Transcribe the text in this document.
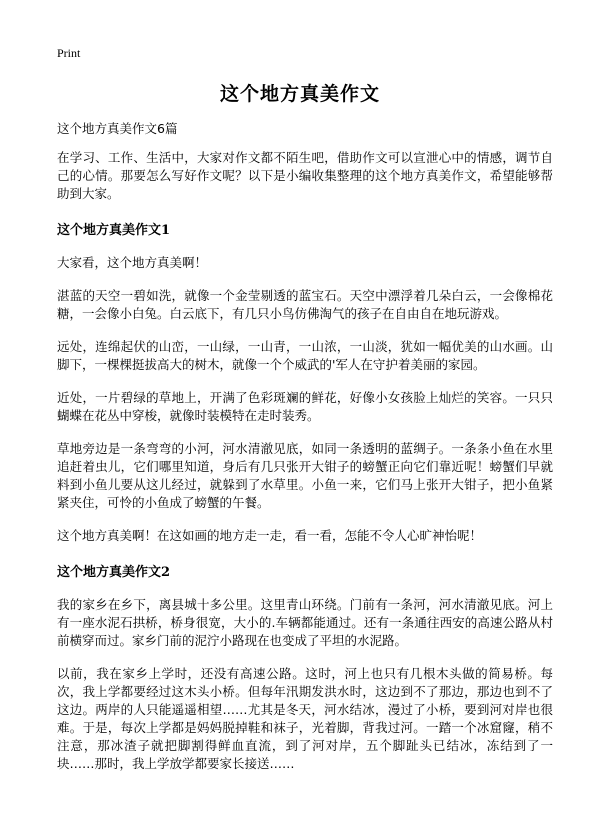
Print
这个地方真美作文
这个地方真美作文6篇

在学习、工作、生活中，大家对作文都不陌生吧，借助作文可以宣泄心中的情感，调节自己的心情。那要怎么写好作文呢？以下是小编收集整理的这个地方真美作文，希望能够帮助到大家。

这个地方真美作文1

大家看，这个地方真美啊！

湛蓝的天空一碧如洗，就像一个金莹剔透的蓝宝石。天空中漂浮着几朵白云，一会像棉花糖，一会像小白兔。白云底下，有几只小鸟仿佛淘气的孩子在自由自在地玩游戏。

远处，连绵起伏的山峦，一山绿，一山青，一山浓，一山淡，犹如一幅优美的山水画。山脚下，一棵棵挺拔高大的树木，就像一个个威武的'军人在守护着美丽的家园。

近处，一片碧绿的草地上，开满了色彩斑斓的鲜花，好像小女孩脸上灿烂的笑容。一只只蝴蝶在花丛中穿梭，就像时装模特在走时装秀。

草地旁边是一条弯弯的小河，河水清澈见底，如同一条透明的蓝绸子。一条条小鱼在水里追赶着虫儿，它们哪里知道，身后有几只张开大钳子的螃蟹正向它们靠近呢！螃蟹们早就料到小鱼儿要从这儿经过，就躲到了水草里。小鱼一来，它们马上张开大钳子，把小鱼紧紧夹住，可怜的小鱼成了螃蟹的午餐。

这个地方真美啊！在这如画的地方走一走，看一看，怎能不令人心旷神怡呢！

这个地方真美作文2

我的家乡在乡下，离县城十多公里。这里青山环绕。门前有一条河，河水清澈见底。河上有一座水泥石拱桥，桥身很宽，大小的.车辆都能通过。还有一条通往西安的高速公路从村前横穿而过。家乡门前的泥泞小路现在也变成了平坦的水泥路。

以前，我在家乡上学时，还没有高速公路。这时，河上也只有几根木头做的简易桥。每次，我上学都要经过这木头小桥。但每年汛期发洪水时，这边到不了那边，那边也到不了这边。两岸的人只能遥遥相望……尤其是冬天，河水结冰，漫过了小桥，要到河对岸也很难。于是，每次上学都是妈妈脱掉鞋和袜子，光着脚，背我过河。一踏一个冰窟窿，稍不注意，那冰渣子就把脚割得鲜血直流，到了河对岸，五个脚趾头已结冰，冻结到了一块……那时，我上学放学都要家长接送……
